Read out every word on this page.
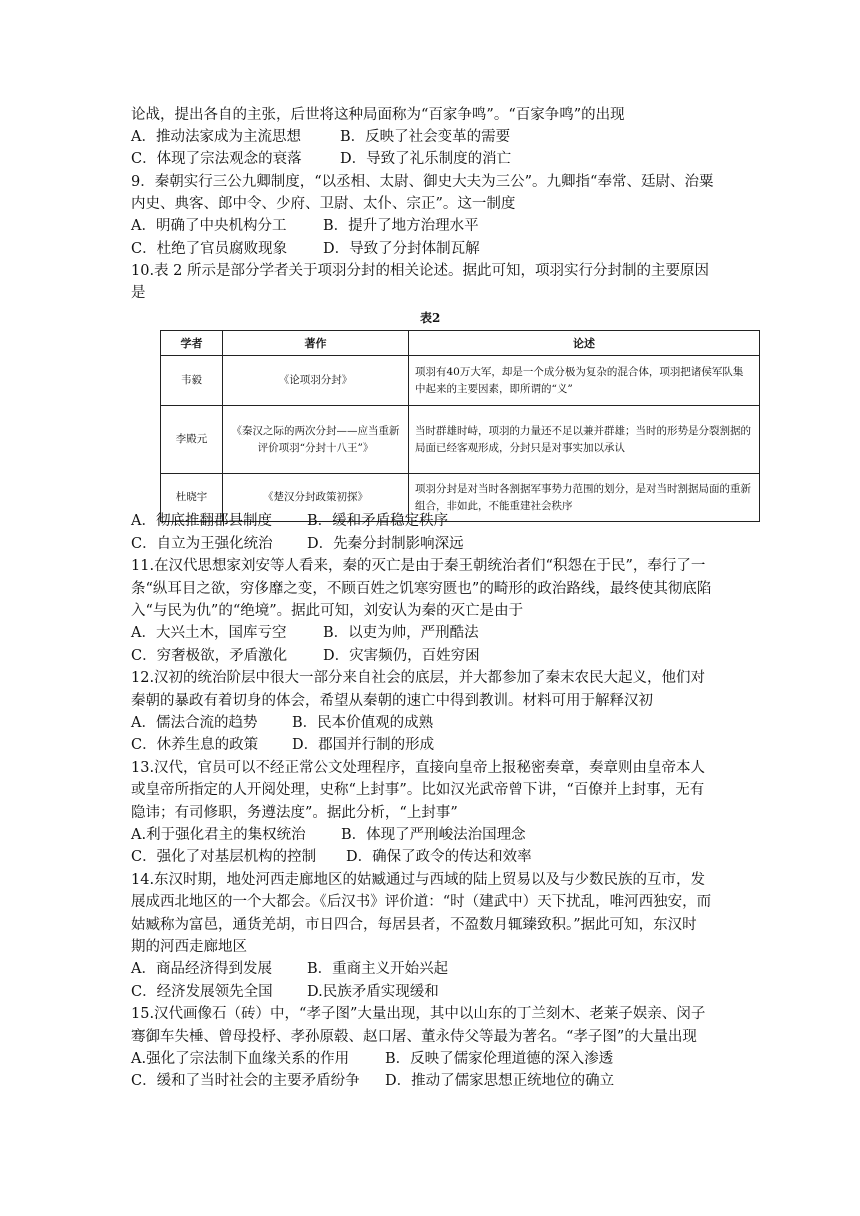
论战，提出各自的主张，后世将这种局面称为“百家争鸣”。“百家争鸣”的出现
A．推动法家成为主流思想	B．反映了社会变革的需要
C．体现了宗法观念的衰落	D．导致了礼乐制度的消亡
9．秦朝实行三公九卿制度，“以丞相、太尉、御史大夫为三公”。九卿指“奉常、廷尉、治粟
内史、典客、郎中令、少府、卫尉、太仆、宗正”。这一制度
A．明确了中央机构分工	B．提升了地方治理水平
C．杜绝了官员腐败现象 D．导致了分封体制瓦解
10.表 2 所示是部分学者关于项羽分封的相关论述。据此可知，项羽实行分封制的主要原因
是
表2
学者	著作	论述
韦毅	《论项羽分封》	项羽有40万大军，却是一个成分极为复杂的混合体，项羽把诸侯军队集中起来的主要因素，即所谓的“义”
李殿元	《秦汉之际的两次分封——应当重新评价项羽“分封十八王”》	当时群雄时峙，项羽的力量还不足以兼并群雄；当时的形势是分裂割据的局面已经客观形成，分封只是对事实加以承认
杜晓宇	《楚汉分封政策初探》	项羽分封是对当时各割据军事势力范围的划分，是对当时割据局面的重新组合，非如此，不能重建社会秩序
A．彻底推翻郡县制度 B．缓和矛盾稳定秩序
C．自立为王强化统治 D．先秦分封制影响深远
11.在汉代思想家刘安等人看来，秦的灭亡是由于秦王朝统治者们“积怨在于民”，奉行了一
条“纵耳目之欲，穷侈靡之变，不顾百姓之饥寒穷匮也”的畸形的政治路线，最终使其彻底陷
入“与民为仇”的“绝境”。据此可知，刘安认为秦的灭亡是由于
A．大兴土木，国库亏空	B．以吏为帅，严刑酷法
C．穷奢极欲，矛盾激化 D．灾害频仍，百姓穷困
12.汉初的统治阶层中很大一部分来自社会的底层，并大都参加了秦末农民大起义，他们对
秦朝的暴政有着切身的体会，希望从秦朝的速亡中得到教训。材料可用于解释汉初
A．儒法合流的趋势 B．民本价值观的成熟
C．休养生息的政策 D．郡国并行制的形成
13.汉代，官员可以不经正常公文处理程序，直接向皇帝上报秘密奏章，奏章则由皇帝本人
或皇帝所指定的人开阅处理，史称“上封事”。比如汉光武帝曾下讲，“百僚并上封事，无有
隐讳；有司修职，务遵法度”。据此分析，“上封事”
A.利于强化君主的集权统治 B．体现了严刑峻法治国理念
C．强化了对基层机构的控制 D．确保了政令的传达和效率
14.东汉时期，地处河西走廊地区的姑臧通过与西域的陆上贸易以及与少数民族的互市，发
展成西北地区的一个大都会。《后汉书》评价道：“时（建武中）天下扰乱，唯河西独安，而
姑臧称为富邑，通货羌胡，市日四合，每居县者，不盈数月辄臻致积。”据此可知，东汉时
期的河西走廊地区
A．商品经济得到发展 B．重商主义开始兴起
C．经济发展领先全国 D.民族矛盾实现缓和
15.汉代画像石（砖）中，“孝子图”大量出现，其中以山东的丁兰刻木、老莱子娱亲、闵子
骞御车失棰、曾母投杼、孝孙原毂、赵口屠、董永侍父等最为著名。“孝子图”的大量出现
A.强化了宗法制下血缘关系的作用 B．反映了儒家伦理道德的深入渗透
C．缓和了当时社会的主要矛盾纷争 D．推动了儒家思想正统地位的确立
